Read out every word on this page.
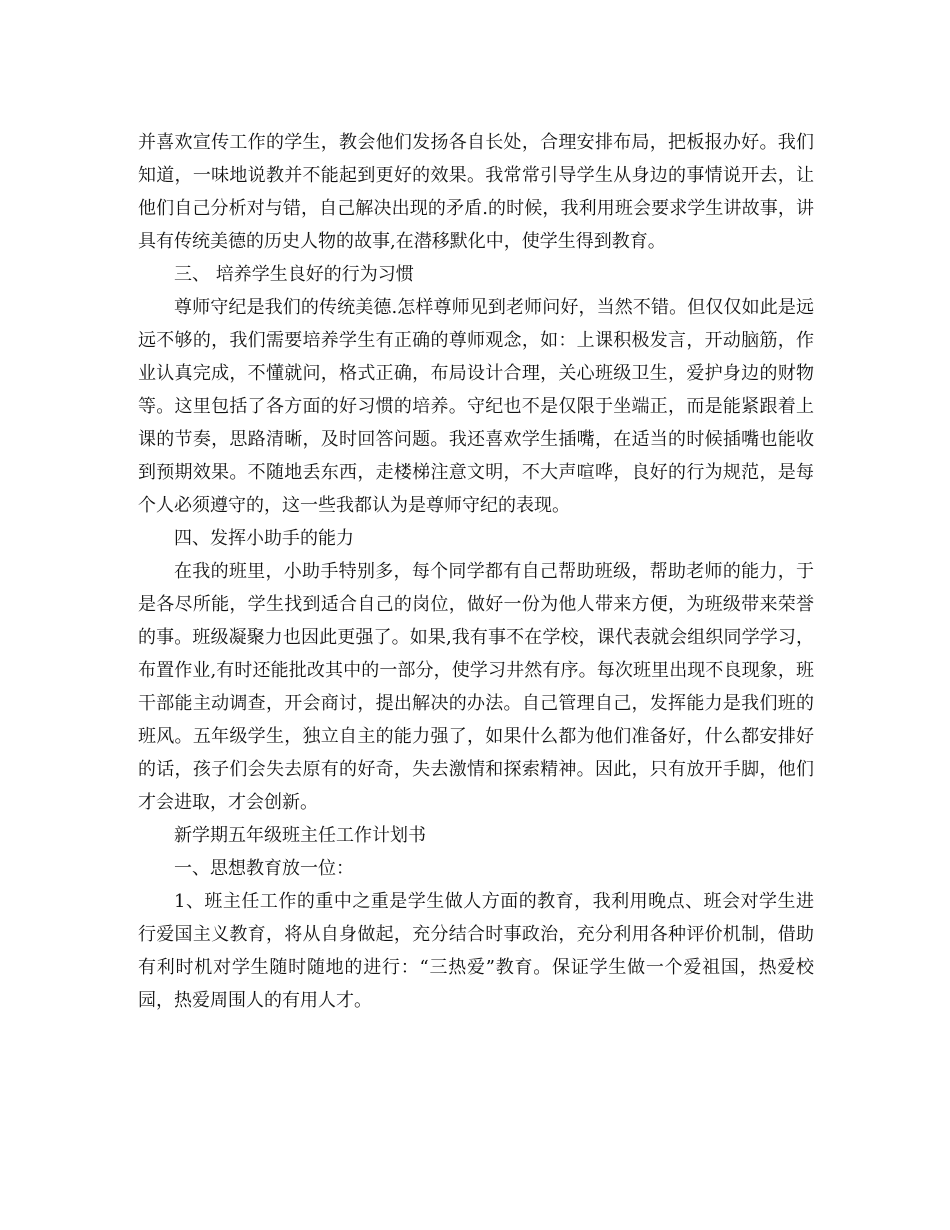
并喜欢宣传工作的学生，教会他们发扬各自长处，合理安排布局，把板报办好。我们知道，一味地说教并不能起到更好的效果。我常常引导学生从身边的事情说开去，让他们自己分析对与错，自己解决出现的矛盾.的时候，我利用班会要求学生讲故事，讲具有传统美德的历史人物的故事,在潜移默化中，使学生得到教育。

三、 培养学生良好的行为习惯

尊师守纪是我们的传统美德.怎样尊师见到老师问好，当然不错。但仅仅如此是远远不够的，我们需要培养学生有正确的尊师观念，如：上课积极发言，开动脑筋，作业认真完成，不懂就问，格式正确，布局设计合理，关心班级卫生，爱护身边的财物等。这里包括了各方面的好习惯的培养。守纪也不是仅限于坐端正，而是能紧跟着上课的节奏，思路清晰，及时回答问题。我还喜欢学生插嘴，在适当的时候插嘴也能收到预期效果。不随地丢东西，走楼梯注意文明，不大声喧哗，良好的行为规范，是每个人必须遵守的，这一些我都认为是尊师守纪的表现。

四、发挥小助手的能力

在我的班里，小助手特别多，每个同学都有自己帮助班级，帮助老师的能力，于是各尽所能，学生找到适合自己的岗位，做好一份为他人带来方便，为班级带来荣誉的事。班级凝聚力也因此更强了。如果,我有事不在学校，课代表就会组织同学学习，布置作业,有时还能批改其中的一部分，使学习井然有序。每次班里出现不良现象，班干部能主动调查，开会商讨，提出解决的办法。自己管理自己，发挥能力是我们班的班风。五年级学生，独立自主的能力强了，如果什么都为他们准备好，什么都安排好的话，孩子们会失去原有的好奇，失去激情和探索精神。因此，只有放开手脚，他们才会进取，才会创新。

新学期五年级班主任工作计划书

一、思想教育放一位：

1、班主任工作的重中之重是学生做人方面的教育，我利用晚点、班会对学生进行爱国主义教育，将从自身做起，充分结合时事政治，充分利用各种评价机制，借助有利时机对学生随时随地的进行：“三热爱”教育。保证学生做一个爱祖国，热爱校园，热爱周围人的有用人才。
